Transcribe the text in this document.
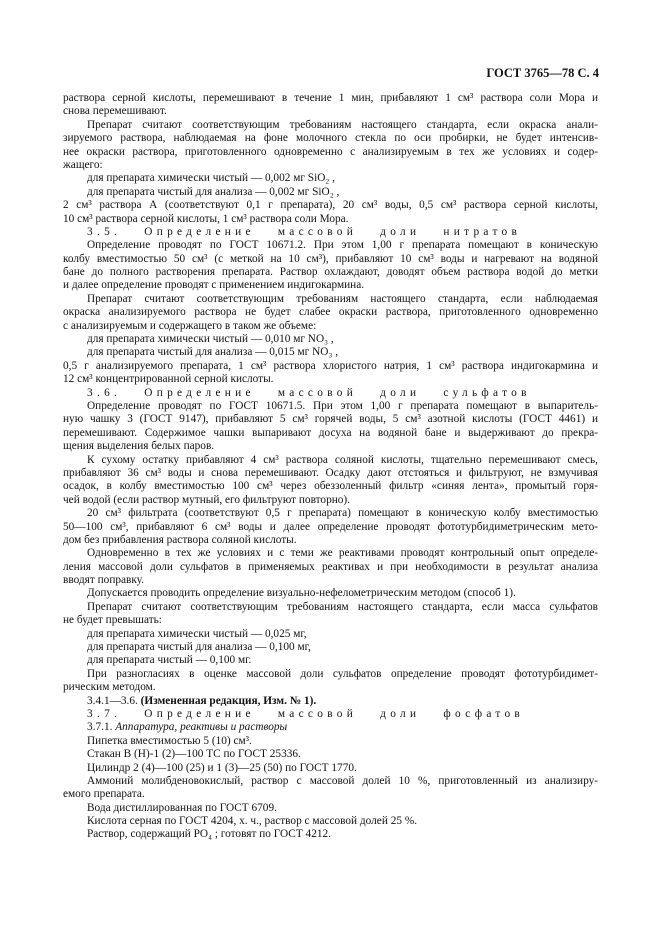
ГОСТ 3765—78 С. 4
раствора серной кислоты, перемешивают в течение 1 мин, прибавляют 1 см³ раствора соли Мора и
снова перемешивают.
Препарат считают соответствующим требованиям настоящего стандарта, если окраска анали-
зируемого раствора, наблюдаемая на фоне молочного стекла по оси пробирки, не будет интенсив-
нее окраски раствора, приготовленного одновременно с анализируемым в тех же условиях и содер-
жащего:
для препарата химически чистый — 0,002 мг SiO₂ ,
для препарата чистый для анализа — 0,002 мг SiO₂ ,
2 см³ раствора А (соответствуют 0,1 г препарата), 20 см³ воды, 0,5 см³ раствора серной кислоты,
10 см³ раствора серной кислоты, 1 см³ раствора соли Мора.
3.5. Определение массовой доли нитратов
Определение проводят по ГОСТ 10671.2. При этом 1,00 г препарата помещают в коническую
колбу вместимостью 50 см³ (с меткой на 10 см³), прибавляют 10 см³ воды и нагревают на водяной
бане до полного растворения препарата. Раствор охлаждают, доводят объем раствора водой до метки
и далее определение проводят с применением индигокармина.
Препарат считают соответствующим требованиям настоящего стандарта, если наблюдаемая
окраска анализируемого раствора не будет слабее окраски раствора, приготовленного одновременно
с анализируемым и содержащего в таком же объеме:
для препарата химически чистый — 0,010 мг NO₃ ,
для препарата чистый для анализа — 0,015 мг NO₃ ,
0,5 г анализируемого препарата, 1 см³ раствора хлористого натрия, 1 см³ раствора индигокармина и
12 см³ концентрированной серной кислоты.
3.6. Определение массовой доли сульфатов
Определение проводят по ГОСТ 10671.5. При этом 1,00 г препарата помещают в выпаритель-
ную чашку 3 (ГОСТ 9147), прибавляют 5 см³ горячей воды, 5 см³ азотной кислоты (ГОСТ 4461) и
перемешивают. Содержимое чашки выпаривают досуха на водяной бане и выдерживают до прекра-
щения выделения белых паров.
К сухому остатку прибавляют 4 см³ раствора соляной кислоты, тщательно перемешивают смесь,
прибавляют 36 см³ воды и снова перемешивают. Осадку дают отстояться и фильтруют, не взмучивая
осадок, в колбу вместимостью 100 см³ через обеззоленный фильтр «синяя лента», промытый горя-
чей водой (если раствор мутный, его фильтруют повторно).
20 см³ фильтрата (соответствуют 0,5 г препарата) помещают в коническую колбу вместимостью
50—100 см³, прибавляют 6 см³ воды и далее определение проводят фототурбидиметрическим мето-
дом без прибавления раствора соляной кислоты.
Одновременно в тех же условиях и с теми же реактивами проводят контрольный опыт определе-
ления массовой доли сульфатов в применяемых реактивах и при необходимости в результат анализа
вводят поправку.
Допускается проводить определение визуально-нефелометрическим методом (способ 1).
Препарат считают соответствующим требованиям настоящего стандарта, если масса сульфатов
не будет превышать:
для препарата химически чистый — 0,025 мг,
для препарата чистый для анализа — 0,100 мг,
для препарата чистый — 0,100 мг.
При разногласиях в оценке массовой доли сульфатов определение проводят фототурбидимет-
рическим методом.
3.4.1—3.6. (Измененная редакция, Изм. № 1).
3.7. Определение массовой доли фосфатов
3.7.1. Аппаратура, реактивы и растворы
Пипетка вместимостью 5 (10) см³.
Стакан В (Н)-1 (2)—100 ТС по ГОСТ 25336.
Цилиндр 2 (4)—100 (25) и 1 (3)—25 (50) по ГОСТ 1770.
Аммоний молибденовокислый, раствор с массовой долей 10 %, приготовленный из анализиру-
емого препарата.
Вода дистиллированная по ГОСТ 6709.
Кислота серная по ГОСТ 4204, х. ч., раствор с массовой долей 25 %.
Раствор, содержащий PO₄ ; готовят по ГОСТ 4212.
